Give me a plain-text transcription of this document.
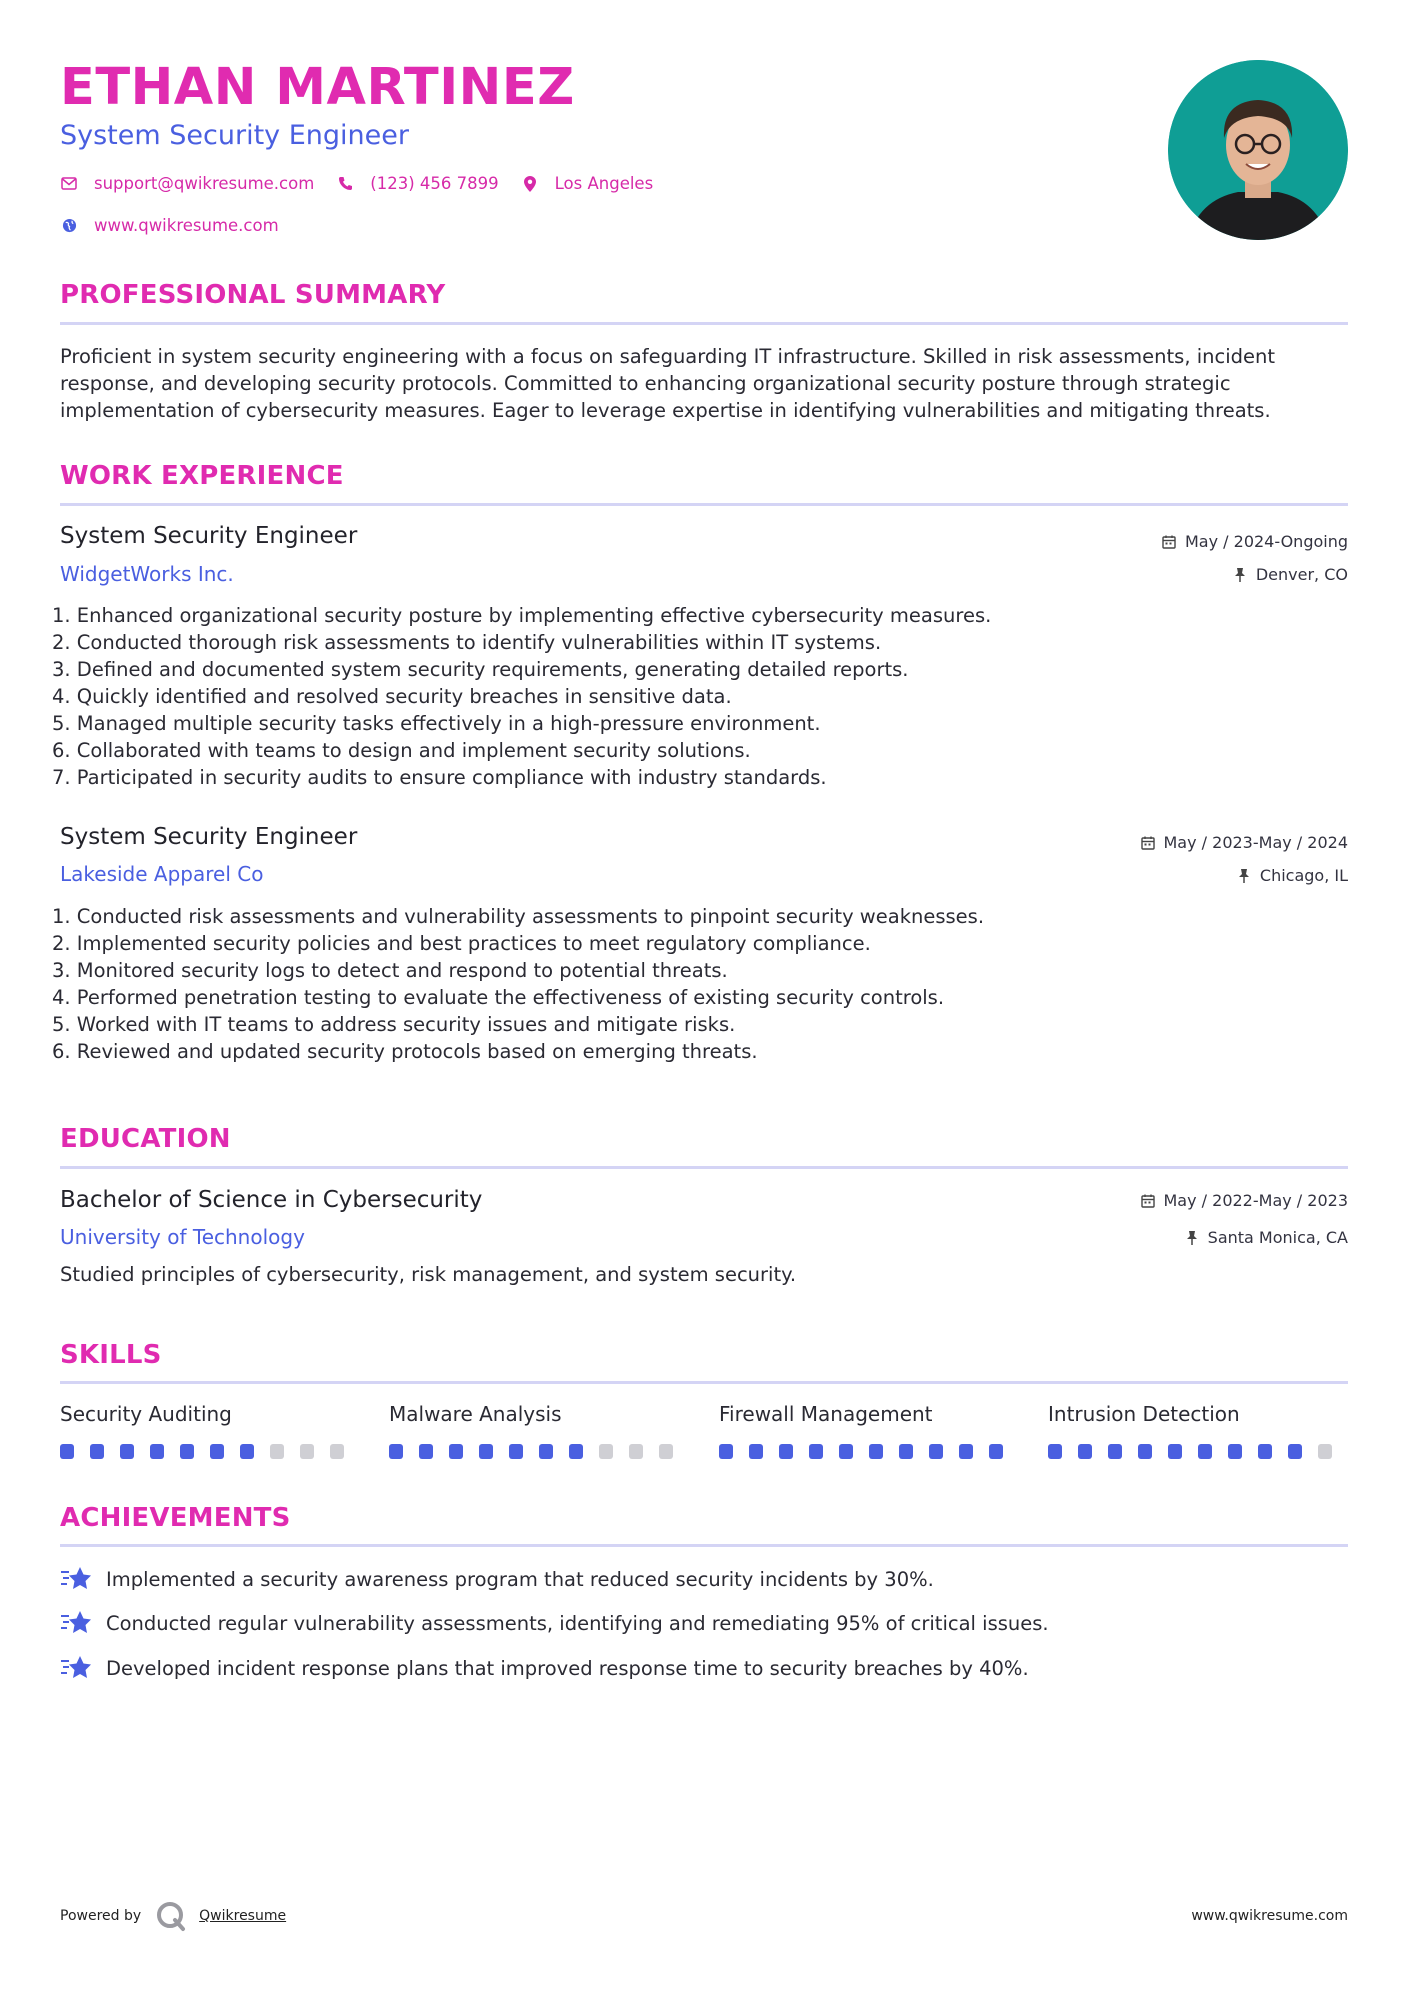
ETHAN MARTINEZ
System Security Engineer
support@qwikresume.com	(123) 456 7899	Los Angeles
www.qwikresume.com
PROFESSIONAL SUMMARY

Proficient in system security engineering with a focus on safeguarding IT infrastructure. Skilled in risk assessments, incident response, and developing security protocols. Committed to enhancing organizational security posture through strategic implementation of cybersecurity measures. Eager to leverage expertise in identifying vulnerabilities and mitigating threats.

WORK EXPERIENCE
System Security Engineer	May / 2024-Ongoing
WidgetWorks Inc.	Denver, CO
1. Enhanced organizational security posture by implementing effective cybersecurity measures.
2. Conducted thorough risk assessments to identify vulnerabilities within IT systems.
3. Defined and documented system security requirements, generating detailed reports.
4. Quickly identified and resolved security breaches in sensitive data.
5. Managed multiple security tasks effectively in a high-pressure environment.
6. Collaborated with teams to design and implement security solutions.
7. Participated in security audits to ensure compliance with industry standards.
System Security Engineer	May / 2023-May / 2024
Lakeside Apparel Co	Chicago, IL
1. Conducted risk assessments and vulnerability assessments to pinpoint security weaknesses.
2. Implemented security policies and best practices to meet regulatory compliance.
3. Monitored security logs to detect and respond to potential threats.
4. Performed penetration testing to evaluate the effectiveness of existing security controls.
5. Worked with IT teams to address security issues and mitigate risks.
6. Reviewed and updated security protocols based on emerging threats.
EDUCATION
Bachelor of Science in Cybersecurity	May / 2022-May / 2023
University of Technology	Santa Monica, CA

Studied principles of cybersecurity, risk management, and system security.

SKILLS

Security Auditing	Malware Analysis	Firewall Management	Intrusion Detection

ACHIEVEMENTS
Implemented a security awareness program that reduced security incidents by 30%.
Conducted regular vulnerability assessments, identifying and remediating 95% of critical issues.
Developed incident response plans that improved response time to security breaches by 40%.
Powered by	Qwikresume	www.qwikresume.com
